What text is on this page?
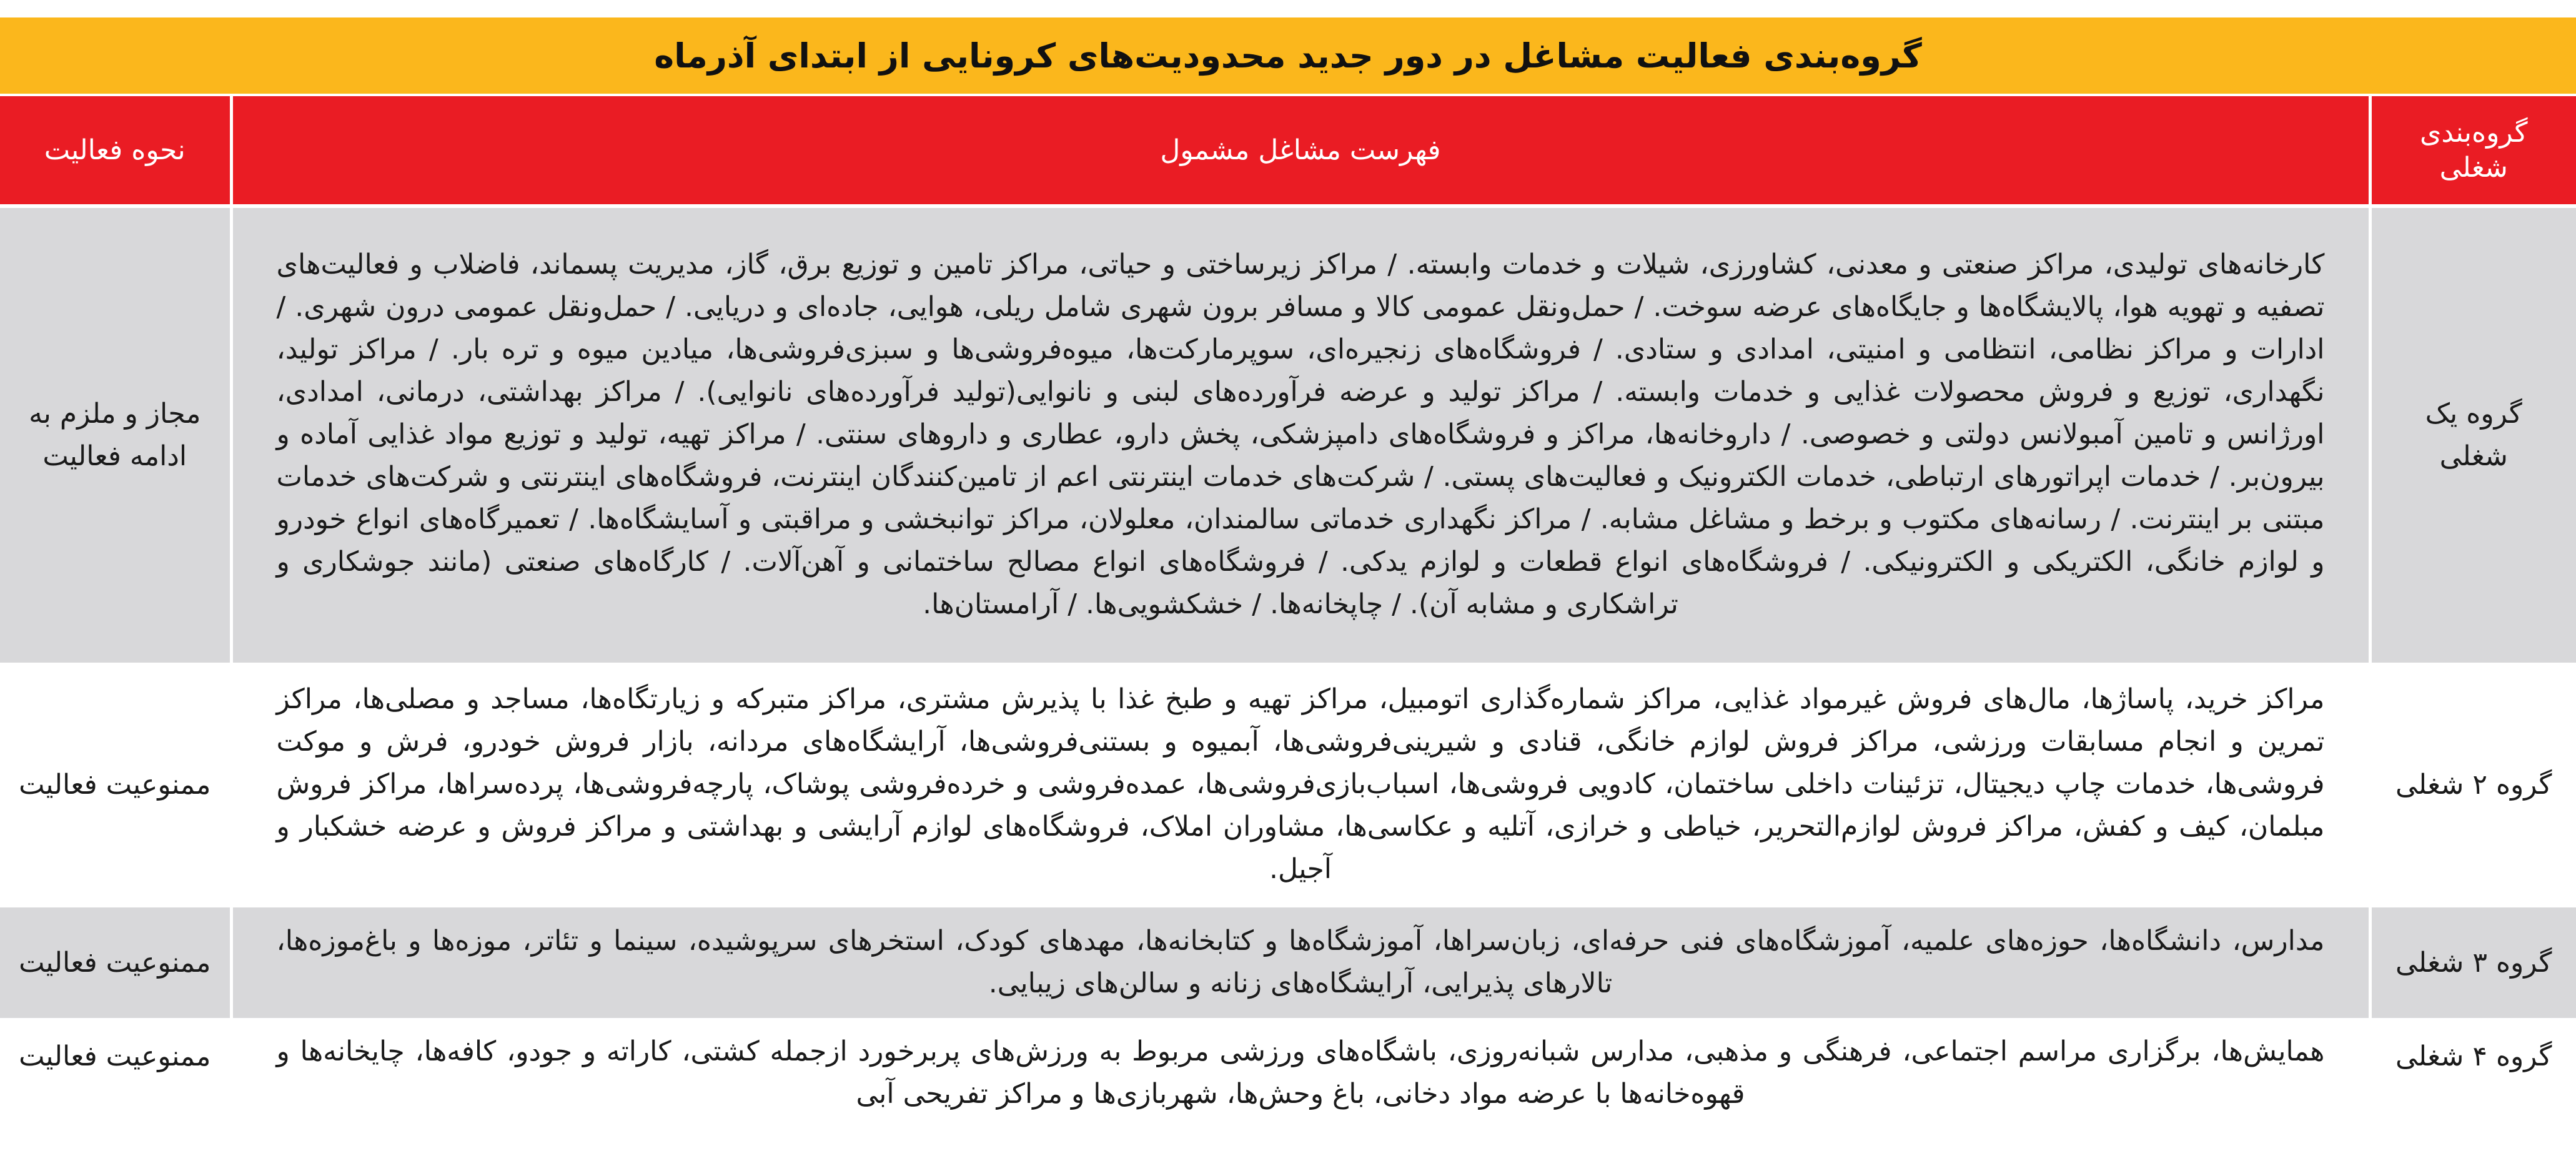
گروه‌بندی فعالیت مشاغل در دور جدید محدودیت‌های کرونایی از ابتدای آذرماه
گروه‌بندی شغلی	فهرست مشاغل مشمول	نحوه فعالیت
گروه یک شغلی	کارخانه‌های تولیدی، مراکز صنعتی و معدنی، کشاورزی، شیلات و خدمات وابسته. / مراکز زیرساختی و حیاتی، مراکز تامین و توزیع برق، گاز، مدیریت پسماند، فاضلاب و فعالیت‌های تصفیه و تهویه هوا، پالایشگاه‌ها و جایگاه‌های عرضه سوخت. / حمل‌ونقل عمومی کالا و مسافر برون شهری شامل ریلی، هوایی، جاده‌ای و دریایی. / حمل‌ونقل عمومی درون شهری. / ادارات و مراکز نظامی، انتظامی و امنیتی، امدادی و ستادی. / فروشگاه‌های زنجیره‌ای، سوپرمارکت‌ها، میوه‌فروشی‌ها و سبزی‌فروشی‌ها، میادین میوه و تره بار. / مراکز تولید، نگهداری، توزیع و فروش محصولات غذایی و خدمات وابسته. / مراکز تولید و عرضه فرآورده‌های لبنی و نانوایی(تولید فرآورده‌های نانوایی). / مراکز بهداشتی، درمانی، امدادی، اورژانس و تامین آمبولانس دولتی و خصوصی. / داروخانه‌ها، مراکز و فروشگاه‌های دامپزشکی، پخش دارو، عطاری و داروهای سنتی. / مراکز تهیه، تولید و توزیع مواد غذایی آماده و بیرون‌بر. / خدمات اپراتورهای ارتباطی، خدمات الکترونیک و فعالیت‌های پستی. / شرکت‌های خدمات اینترنتی اعم از تامین‌کنندگان اینترنت، فروشگاه‌های اینترنتی و شرکت‌های خدمات مبتنی بر اینترنت. / رسانه‌های مکتوب و برخط و مشاغل مشابه. / مراکز نگهداری خدماتی سالمندان، معلولان، مراکز توانبخشی و مراقبتی و آسایشگاه‌ها. / تعمیرگاه‌های انواع خودرو و لوازم خانگی، الکتریکی و الکترونیکی. / فروشگاه‌های انواع قطعات و لوازم یدکی. / فروشگاه‌های انواع مصالح ساختمانی و آهن‌آلات. / کارگاه‌های صنعتی (مانند جوشکاری و تراشکاری و مشابه آن). / چاپخانه‌ها. / خشکشویی‌ها. / آرامستان‌ها.	مجاز و ملزم به ادامه فعالیت
گروه ۲ شغلی	مراکز خرید، پاساژها، مال‌های فروش غیرمواد غذایی، مراکز شماره‌گذاری اتومبیل، مراکز تهیه و طبخ غذا با پذیرش مشتری، مراکز متبرکه و زیارتگاه‌ها، مساجد و مصلی‌ها، مراکز تمرین و انجام مسابقات ورزشی، مراکز فروش لوازم خانگی، قنادی و شیرینی‌فروشی‌ها، آبمیوه و بستنی‌فروشی‌ها، آرایشگاه‌های مردانه، بازار فروش خودرو، فرش و موکت فروشی‌ها، خدمات چاپ دیجیتال، تزئینات داخلی ساختمان، کادویی فروشی‌ها، اسباب‌بازی‌فروشی‌ها، عمده‌فروشی و خرده‌فروشی پوشاک، پارچه‌فروشی‌ها، پرده‌سراها، مراکز فروش مبلمان، کیف و کفش، مراکز فروش لوازم‌التحریر، خیاطی و خرازی، آتلیه و عکاسی‌ها، مشاوران املاک، فروشگاه‌های لوازم آرایشی و بهداشتی و مراکز فروش و عرضه خشکبار و آجیل.	ممنوعیت فعالیت
گروه ۳ شغلی	مدارس، دانشگاه‌ها، حوزه‌های علمیه، آموزشگاه‌های فنی حرفه‌ای، زبان‌سراها، آموزشگاه‌ها و کتابخانه‌ها، مهدهای کودک، استخرهای سرپوشیده، سینما و تئاتر، موزه‌ها و باغ‌موزه‌ها، تالارهای پذیرایی، آرایشگاه‌های زنانه و سالن‌های زیبایی.	ممنوعیت فعالیت
گروه ۴ شغلی	همایش‌ها، برگزاری مراسم اجتماعی، فرهنگی و مذهبی، مدارس شبانه‌روزی، باشگاه‌های ورزشی مربوط به ورزش‌های پربرخورد ازجمله کشتی، کاراته و جودو، کافه‌ها، چایخانه‌ها و قهوه‌خانه‌ها با عرضه مواد دخانی، باغ وحش‌ها، شهربازی‌ها و مراکز تفریحی آبی	ممنوعیت فعالیت
